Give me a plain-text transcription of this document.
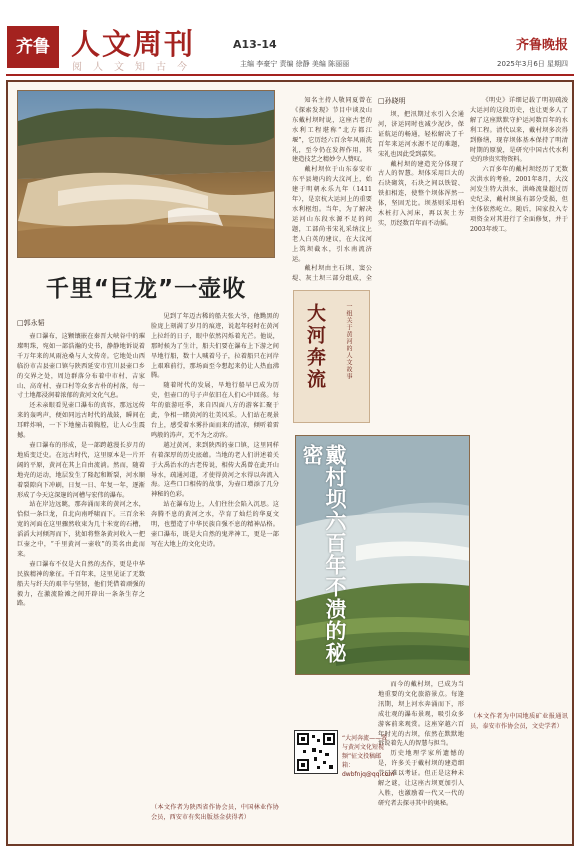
齐鲁 人文周刊	A13-14
阅人文知古今	主编 李豪宁 责编 徐静 美编 陈丽丽
齐鲁晚报
2025年3月6日 星期四
千里“巨龙”一壶收
□郭永韬

壶口瀑布，这颗镶嵌在秦晋大峡谷中的璀璨明珠，宛如一部浩瀚的史书，静静地诉说着千万年来的风雨沧桑与人文传奇。它地处山西临汾市吉县壶口镇与陕西延安市宜川县壶口乡的交界之处，周边群落分布着中市村、吉家山、高奇村、壶口村等众多古朴的村落，每一寸土地都浸润着浓郁的黄河文化气息。

还未亲眼看见壶口瀑布的真容，那远远传来的轰鸣声，便如同远古时代的战鼓，瞬间在耳畔炸响，一下下地撞击着胸腔，让人心生震撼。

壶口瀑布的形成，是一部跨越漫长岁月的地质变迁史。在远古时代，这里原本是一片开阔的平原，黄河在其上自由流淌。然而，随着地壳的运动，地层发生了隆起和断裂，河水顺着裂隙向下冲刷，日复一日、年复一年，逐渐形成了今天这深邃的河槽与宏伟的瀑布。

站在岸边远眺，那奔涌而来的黄河之水，恰似一条巨龙，自北向南呼啸而下。三百余米宽的河面在这里骤然收束为几十米宽的石槽，滔滔大河倾泻而下，犹如将整条黄河收入一把巨壶之中，“千里黄河一壶收”的美名由此而来。

壶口瀑布不仅是大自然的杰作，更是中华民族精神的象征。千百年来，这里见证了无数船夫与纤夫的艰辛与坚韧，他们凭借着顽强的毅力，在激流险滩之间开辟出一条条生存之路。

见到了年迈古稀的船夫张大爷，他黝黑的脸庞上刻满了岁月的痕迹，说起年轻时在黄河上拉纤的日子，眼中依然闪烁着光芒。他说，那时候为了生计，船夫们要在瀑布上下游之间旱地行船，数十人喊着号子，拉着船只在河岸上艰难前行，那场面至今想起来仍让人热血沸腾。

随着时代的发展，旱地行船早已成为历史，但壶口的号子声依旧在人们心中回荡。每年的旅游旺季，来自四面八方的游客汇聚于此，争相一睹黄河的壮美风采。人们站在观景台上，感受着水雾扑面而来的清凉，倾听着雷鸣般的涛声，无不为之动容。

越过黄河，来到陕西的壶口镇，这里同样有着深厚的历史底蕴。当地的老人们讲述着关于大禹治水的古老传说，相传大禹曾在此开山导水，疏通河道，才使得黄河之水得以奔流入海。这些口口相传的故事，为壶口增添了几分神秘的色彩。

站在瀑布边上，人们往往会陷入沉思。这奔腾不息的黄河之水，孕育了灿烂的华夏文明，也塑造了中华民族自强不息的精神品格。壶口瀑布，既是大自然的鬼斧神工，更是一部写在大地上的文化史诗。

（本文作者为陕西省作协会员，中国林业作协会员，西安市有奖出版基金获得者）
大河奔流	一组关于黄河的人文故事
□孙晓明

知名主持人敬同夏曾在《探索发现》节目中谈及山东戴村坝时说，这座古老的水利工程堪称“北方都江堰”，它历经六百余年风雨洗礼，至今仍在发挥作用，其建造技艺之精妙令人赞叹。

戴村坝位于山东泰安市东平县境内的大汶河上，始建于明朝永乐九年（1411年），是京杭大运河上的重要水利枢纽。当年，为了解决运河山东段水源不足的问题，工部尚书宋礼采纳汶上老人白英的建议，在大汶河上筑坝截水，引水南流济运。

戴村坝由主石坝、窦公堤、灰土坝三部分组成，全

坝，把汛期过水引入会通河，济运同时也减少泥沙，保证航运的畅通，轻松解决了千百年来运河水源不足的难题，宋礼也因此受到嘉奖。

戴村坝的建造充分体现了古人的智慧。坝体采用巨大的石块砌筑，石块之间以铁锭、铁扣相连，使整个坝体浑然一体，坚固无比。坝基则采用柏木桩打入河床，再以灰土夯实，历经数百年而不动摇。

《明史》详细记载了明初疏浚大运河的这段历史，也让更多人了解了这座默默守护运河数百年的水利工程。清代以来，戴村坝多次得到修缮，现存坝体基本保持了明清时期的原貌，是研究中国古代水利史的珍贵实物资料。

六百多年的戴村坝经历了无数次洪水的考验，2001年8月，大汶河发生特大洪水，洪峰流量超过历史纪录，戴村坝虽有部分受损，但主体依然屹立。随后，国家投入专项资金对其进行了全面修复，并于2003年竣工。

戴村坝六百年不溃的秘密

而今的戴村坝，已成为当地重要的文化旅游景点。每逢汛期，坝上河水奔涌而下，形成壮观的瀑布景观，吸引众多游客前来观赏。这座穿越六百年时光的古坝，依然在默默地诉说着先人的智慧与担当。

历史地理学家所遗憾的是，许多关于戴村坝的建造细节已难以考证。但正是这种未解之谜，让这座古坝更加引人入胜，也激励着一代又一代的研究者去探寻其中的奥秘。

（本文作者为中国地质矿业报通讯员，泰安市作协会员，文史学者）
“大河奔流——我与黄河文化短视频”征文投稿邮箱：dwbfnjq@qq.com
